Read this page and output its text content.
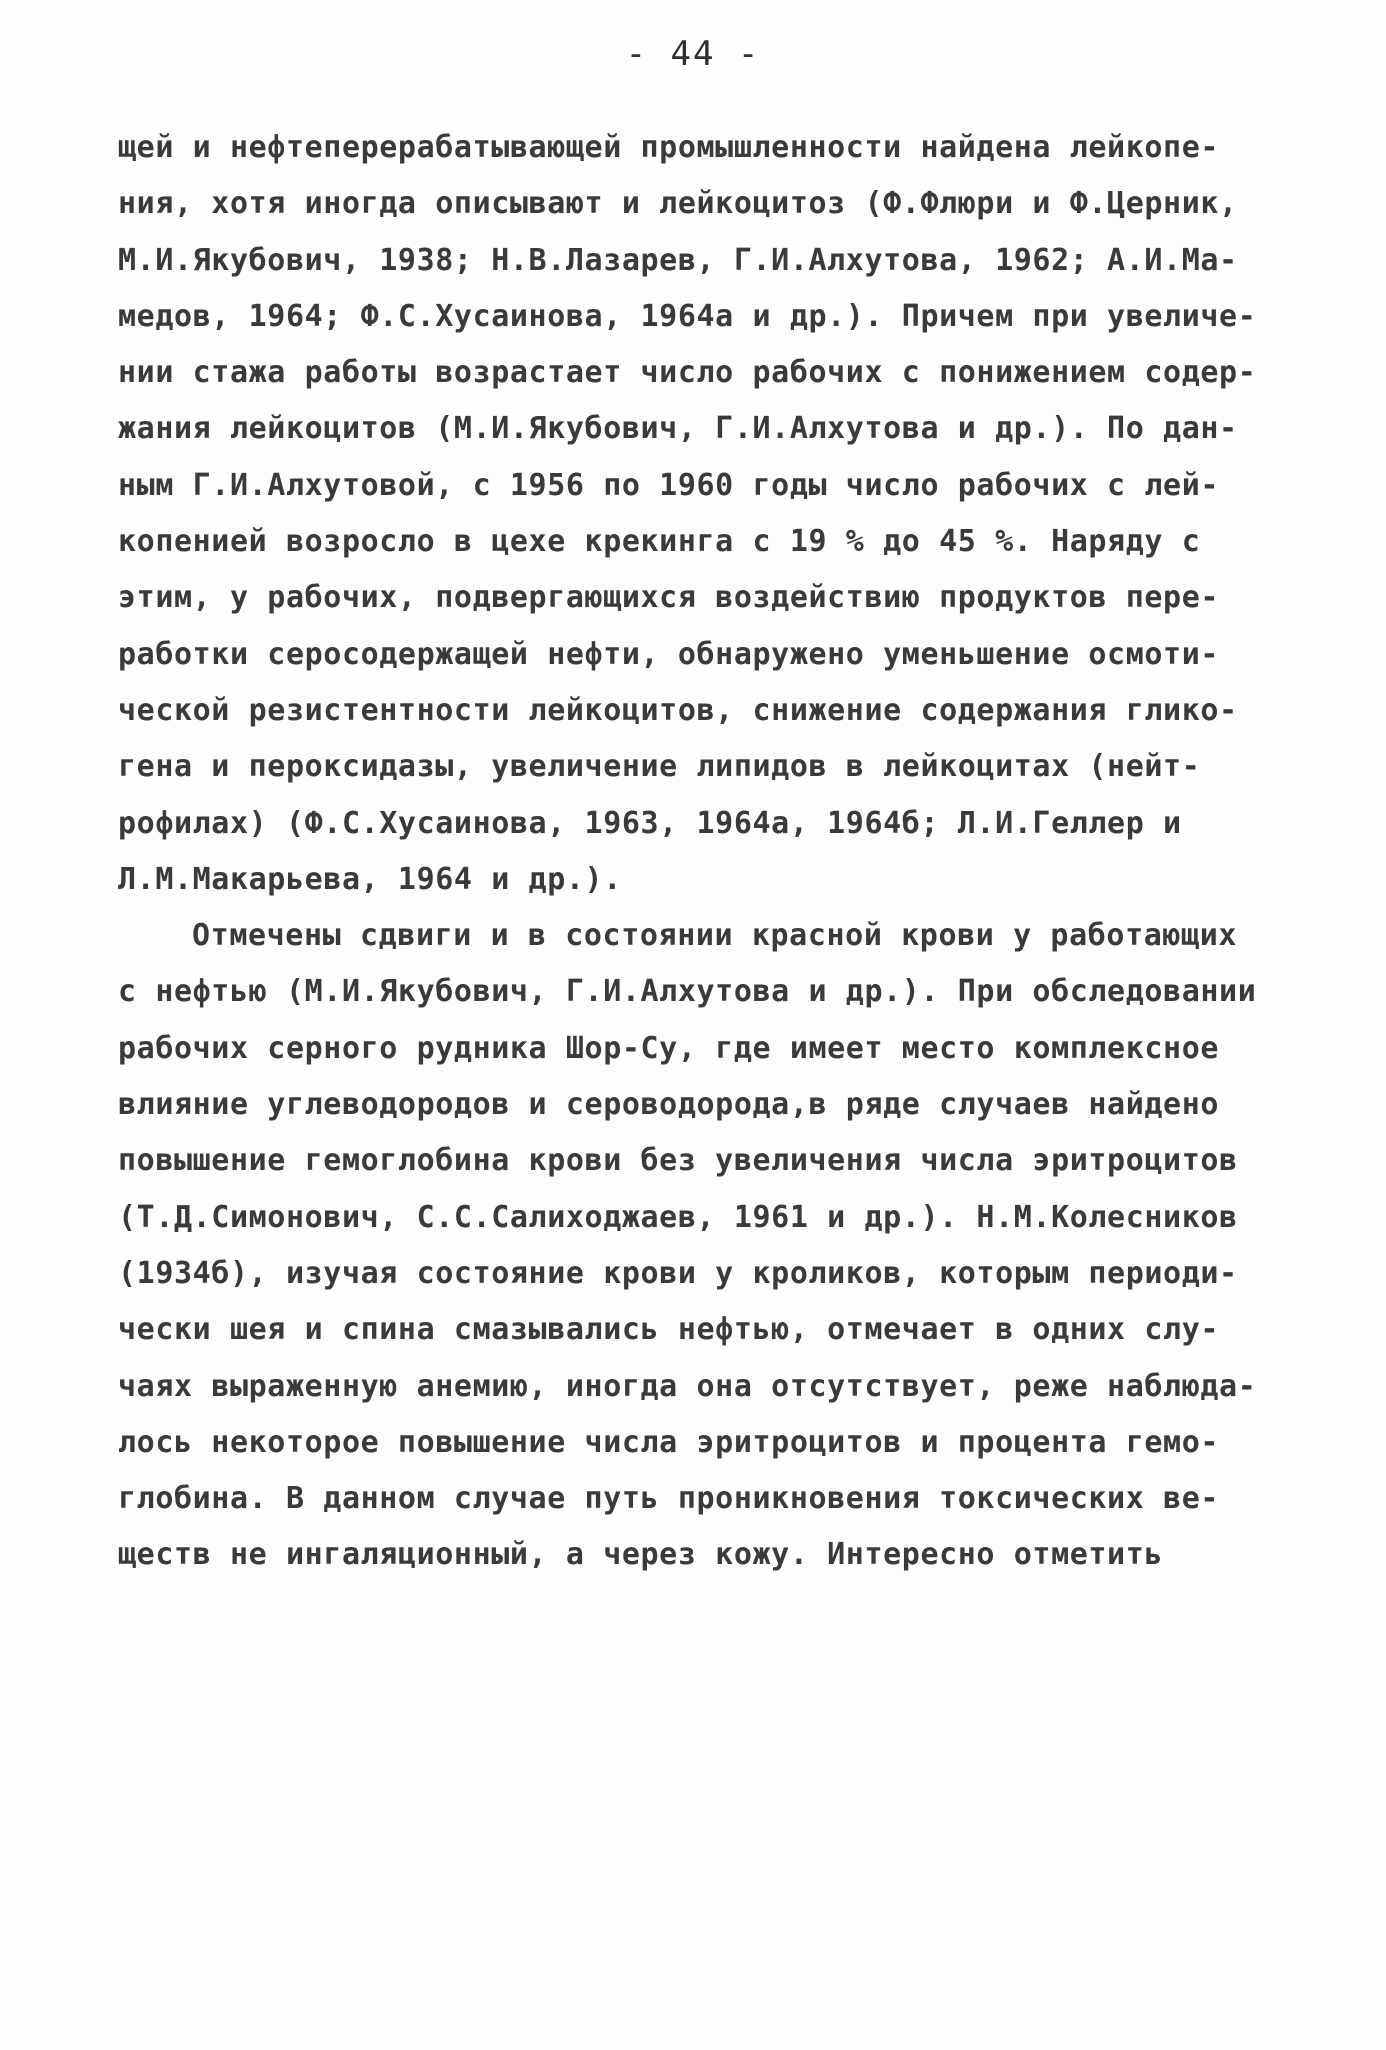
- 44 -
щей и нефтеперерабатывающей промышленности найдена лейкопе-
ния, хотя иногда описывают и лейкоцитоз (Ф.Флюри и Ф.Церник,
М.И.Якубович, 1938; Н.В.Лазарев, Г.И.Алхутова, 1962; А.И.Ма-
медов, 1964; Ф.С.Хусаинова, 1964а и др.). Причем при увеличе-
нии стажа работы возрастает число рабочих с понижением содер-
жания лейкоцитов (М.И.Якубович, Г.И.Алхутова и др.). По дан-
ным Г.И.Алхутовой, с 1956 по 1960 годы число рабочих с лей-
копенией возросло в цехе крекинга с 19 % до 45 %. Наряду с
этим, у рабочих, подвергающихся воздействию продуктов пере-
работки серосодержащей нефти, обнаружено уменьшение осмоти-
ческой резистентности лейкоцитов, снижение содержания глико-
гена и пероксидазы, увеличение липидов в лейкоцитах (нейт-
рофилах) (Ф.С.Хусаинова, 1963, 1964а, 1964б; Л.И.Геллер и
Л.М.Макарьева, 1964 и др.).
Отмечены сдвиги и в состоянии красной крови у работающих
с нефтью (М.И.Якубович, Г.И.Алхутова и др.). При обследовании
рабочих серного рудника Шор-Су, где имеет место комплексное
влияние углеводородов и сероводорода,в ряде случаев найдено
повышение гемоглобина крови без увеличения числа эритроцитов
(Т.Д.Симонович, С.С.Салиходжаев, 1961 и др.). Н.М.Колесников
(1934б), изучая состояние крови у кроликов, которым периоди-
чески шея и спина смазывались нефтью, отмечает в одних слу-
чаях выраженную анемию, иногда она отсутствует, реже наблюда-
лось некоторое повышение числа эритроцитов и процента гемо-
глобина. В данном случае путь проникновения токсических ве-
ществ не ингаляционный, а через кожу. Интересно отметить
